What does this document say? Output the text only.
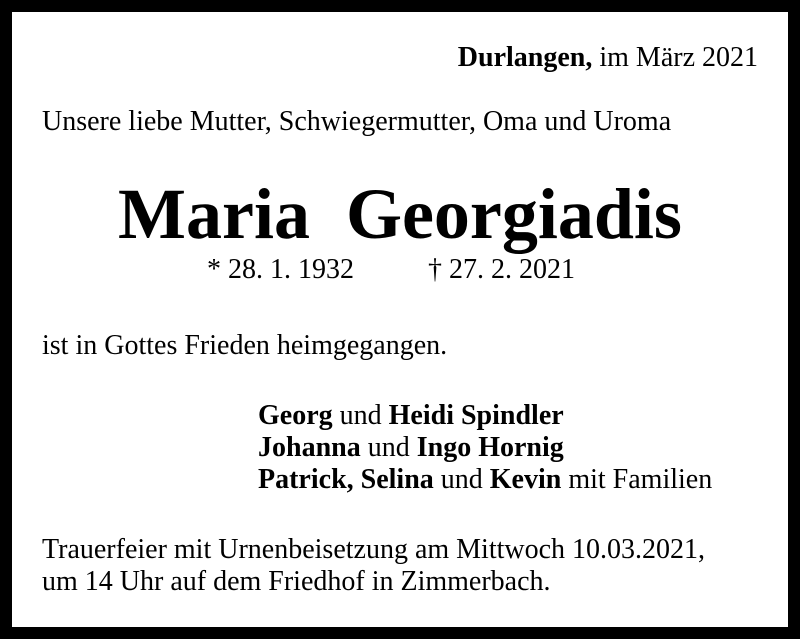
Durlangen, im März 2021
Unsere liebe Mutter, Schwiegermutter, Oma und Uroma
Maria Georgiadis
* 28. 1. 1932	† 27. 2. 2021
ist in Gottes Frieden heimgegangen.
Georg und Heidi Spindler
Johanna und Ingo Hornig
Patrick, Selina und Kevin mit Familien
Trauerfeier mit Urnenbeisetzung am Mittwoch 10.03.2021,
um 14 Uhr auf dem Friedhof in Zimmerbach.
